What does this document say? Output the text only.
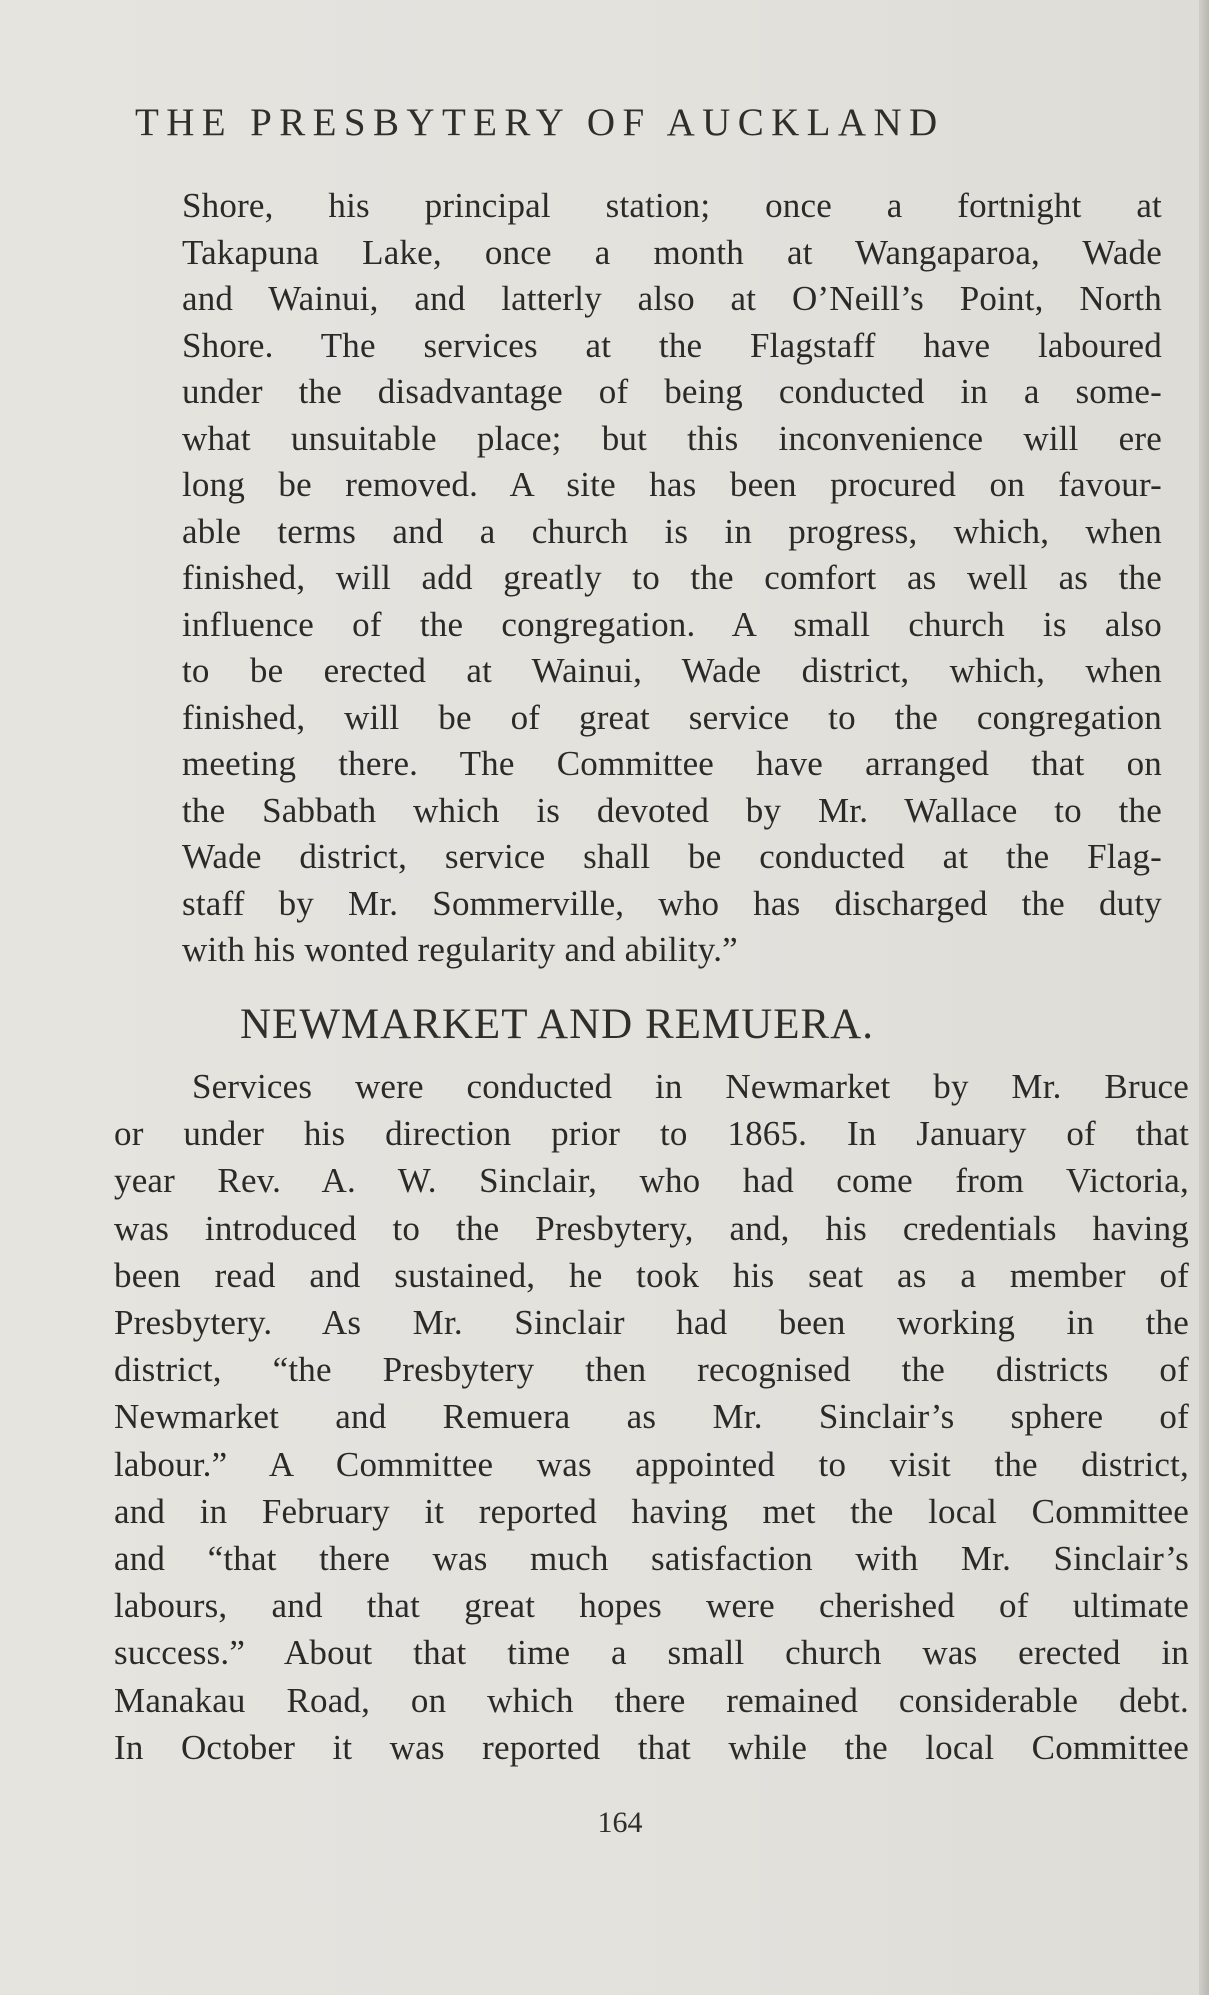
THE PRESBYTERY OF AUCKLAND
Shore, his principal station; once a fortnight at
Takapuna Lake, once a month at Wangaparoa, Wade
and Wainui, and latterly also at O’Neill’s Point, North
Shore. The services at the Flagstaff have laboured
under the disadvantage of being conducted in a some-
what unsuitable place; but this inconvenience will ere
long be removed. A site has been procured on favour-
able terms and a church is in progress, which, when
finished, will add greatly to the comfort as well as the
influence of the congregation. A small church is also
to be erected at Wainui, Wade district, which, when
finished, will be of great service to the congregation
meeting there. The Committee have arranged that on
the Sabbath which is devoted by Mr. Wallace to the
Wade district, service shall be conducted at the Flag-
staff by Mr. Sommerville, who has discharged the duty
with his wonted regularity and ability.”
NEWMARKET AND REMUERA.
Services were conducted in Newmarket by Mr. Bruce
or under his direction prior to 1865. In January of that
year Rev. A. W. Sinclair, who had come from Victoria,
was introduced to the Presbytery, and, his credentials having
been read and sustained, he took his seat as a member of
Presbytery. As Mr. Sinclair had been working in the
district, “the Presbytery then recognised the districts of
Newmarket and Remuera as Mr. Sinclair’s sphere of
labour.” A Committee was appointed to visit the district,
and in February it reported having met the local Committee
and “that there was much satisfaction with Mr. Sinclair’s
labours, and that great hopes were cherished of ultimate
success.” About that time a small church was erected in
Manakau Road, on which there remained considerable debt.
In October it was reported that while the local Committee
164
